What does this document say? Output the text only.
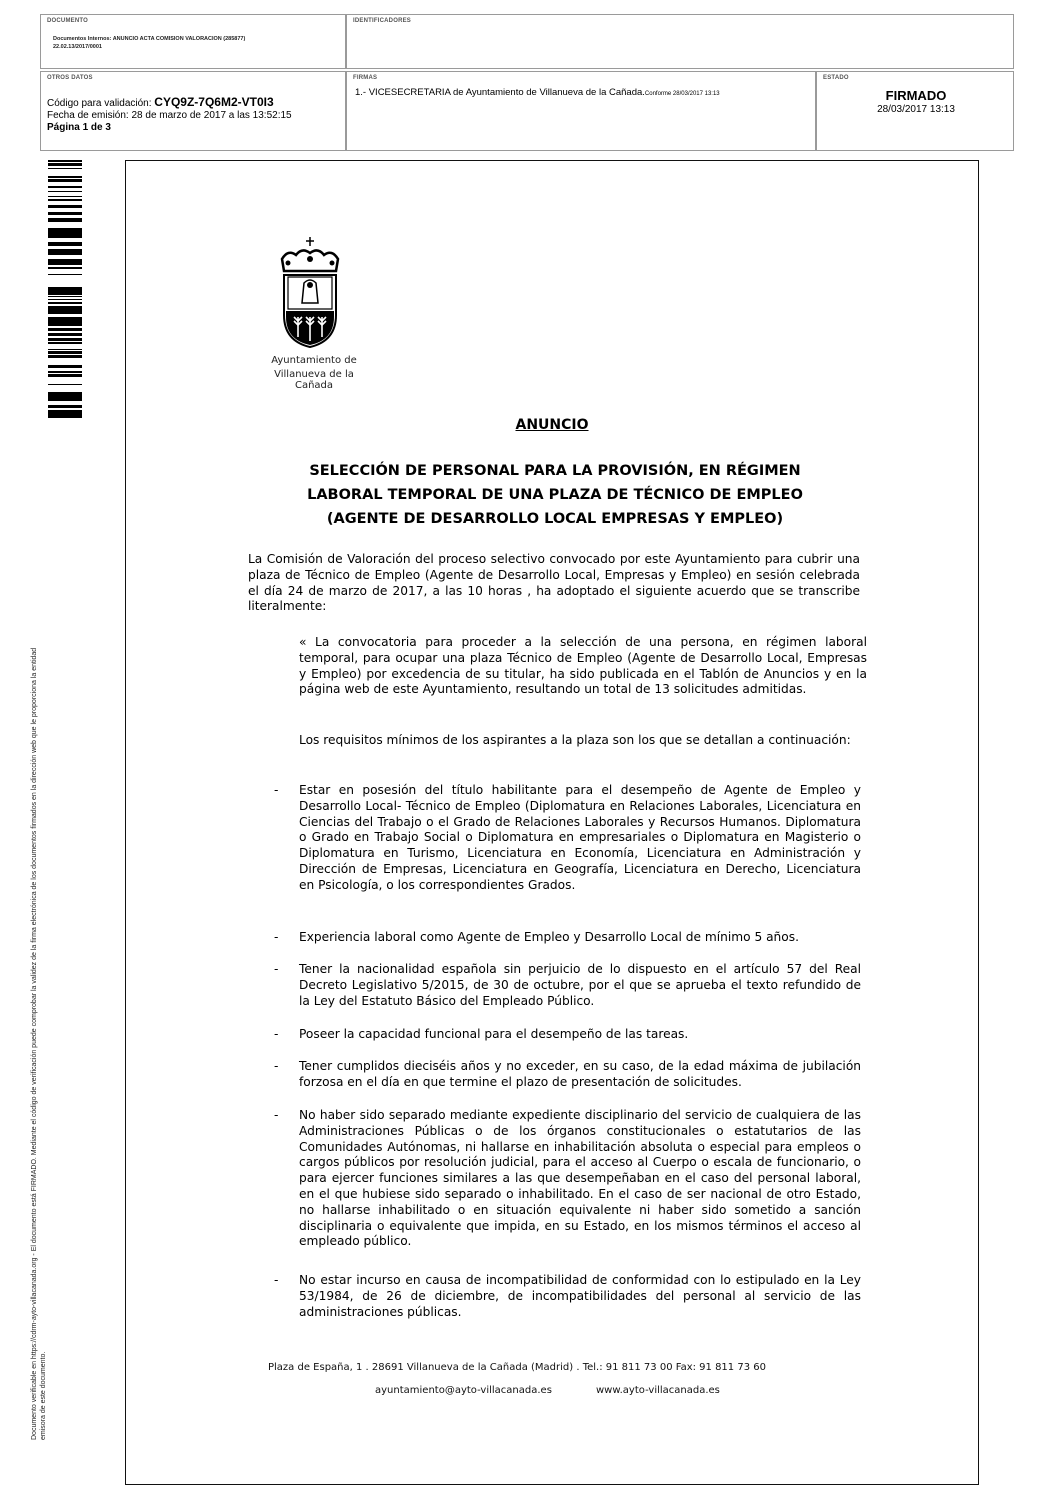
DOCUMENTO
Documentos Internos: ANUNCIO ACTA COMISION VALORACION (285877)
22.02.13/2017/0001
IDENTIFICADORES
OTROS DATOS
Código para validación: CYQ9Z-7Q6M2-VT0I3
Fecha de emisión: 28 de marzo de 2017 a las 13:52:15
Página 1 de 3
FIRMAS
1.- VICESECRETARIA de Ayuntamiento de Villanueva de la Cañada.Conforme 28/03/2017 13:13
ESTADO
FIRMADO
28/03/2017 13:13
Documento verificable en https://cdrm-ayto-villacanada.org - El documento está FIRMADO. Mediante el código de verificación puede comprobar la validez de la firma electrónica de los documentos firmados en la dirección web que le proporciona la entidad emisora de este documento.
Ayuntamiento de
Villanueva de la Cañada
ANUNCIO
SELECCIÓN DE PERSONAL PARA LA PROVISIÓN, EN RÉGIMEN
LABORAL TEMPORAL DE UNA PLAZA DE TÉCNICO DE EMPLEO
(AGENTE DE DESARROLLO LOCAL EMPRESAS Y EMPLEO)
La Comisión de Valoración del proceso selectivo convocado por este Ayuntamiento para cubrir una plaza de Técnico de Empleo (Agente de Desarrollo Local, Empresas y Empleo) en sesión celebrada el día 24 de marzo de 2017, a las 10 horas , ha adoptado el siguiente acuerdo que se transcribe literalmente:
« La convocatoria para proceder a la selección de una persona, en régimen laboral temporal, para ocupar una plaza Técnico de Empleo (Agente de Desarrollo Local, Empresas y Empleo) por excedencia de su titular, ha sido publicada en el Tablón de Anuncios y en la página web de este Ayuntamiento, resultando un total de 13 solicitudes admitidas.
Los requisitos mínimos de los aspirantes a la plaza son los que se detallan a continuación:
- Estar en posesión del título habilitante para el desempeño de Agente de Empleo y Desarrollo Local- Técnico de Empleo (Diplomatura en Relaciones Laborales, Licenciatura en Ciencias del Trabajo o el Grado de Relaciones Laborales y Recursos Humanos. Diplomatura o Grado en Trabajo Social o Diplomatura en empresariales o Diplomatura en Magisterio o Diplomatura en Turismo, Licenciatura en Economía, Licenciatura en Administración y Dirección de Empresas, Licenciatura en Geografía, Licenciatura en Derecho, Licenciatura en Psicología, o los correspondientes Grados.
- Experiencia laboral como Agente de Empleo y Desarrollo Local de mínimo 5 años.
- Tener la nacionalidad española sin perjuicio de lo dispuesto en el artículo 57 del Real Decreto Legislativo 5/2015, de 30 de octubre, por el que se aprueba el texto refundido de la Ley del Estatuto Básico del Empleado Público.
- Poseer la capacidad funcional para el desempeño de las tareas.
- Tener cumplidos dieciséis años y no exceder, en su caso, de la edad máxima de jubilación forzosa en el día en que termine el plazo de presentación de solicitudes.
- No haber sido separado mediante expediente disciplinario del servicio de cualquiera de las Administraciones Públicas o de los órganos constitucionales o estatutarios de las Comunidades Autónomas, ni hallarse en inhabilitación absoluta o especial para empleos o cargos públicos por resolución judicial, para el acceso al Cuerpo o escala de funcionario, o para ejercer funciones similares a las que desempeñaban en el caso del personal laboral, en el que hubiese sido separado o inhabilitado. En el caso de ser nacional de otro Estado, no hallarse inhabilitado o en situación equivalente ni haber sido sometido a sanción disciplinaria o equivalente que impida, en su Estado, en los mismos términos el acceso al empleado público.
- No estar incurso en causa de incompatibilidad de conformidad con lo estipulado en la Ley 53/1984, de 26 de diciembre, de incompatibilidades del personal al servicio de las administraciones públicas.
Plaza de España, 1 . 28691 Villanueva de la Cañada (Madrid) . Tel.: 91 811 73 00 Fax: 91 811 73 60
ayuntamiento@ayto-villacanada.es	www.ayto-villacanada.es
